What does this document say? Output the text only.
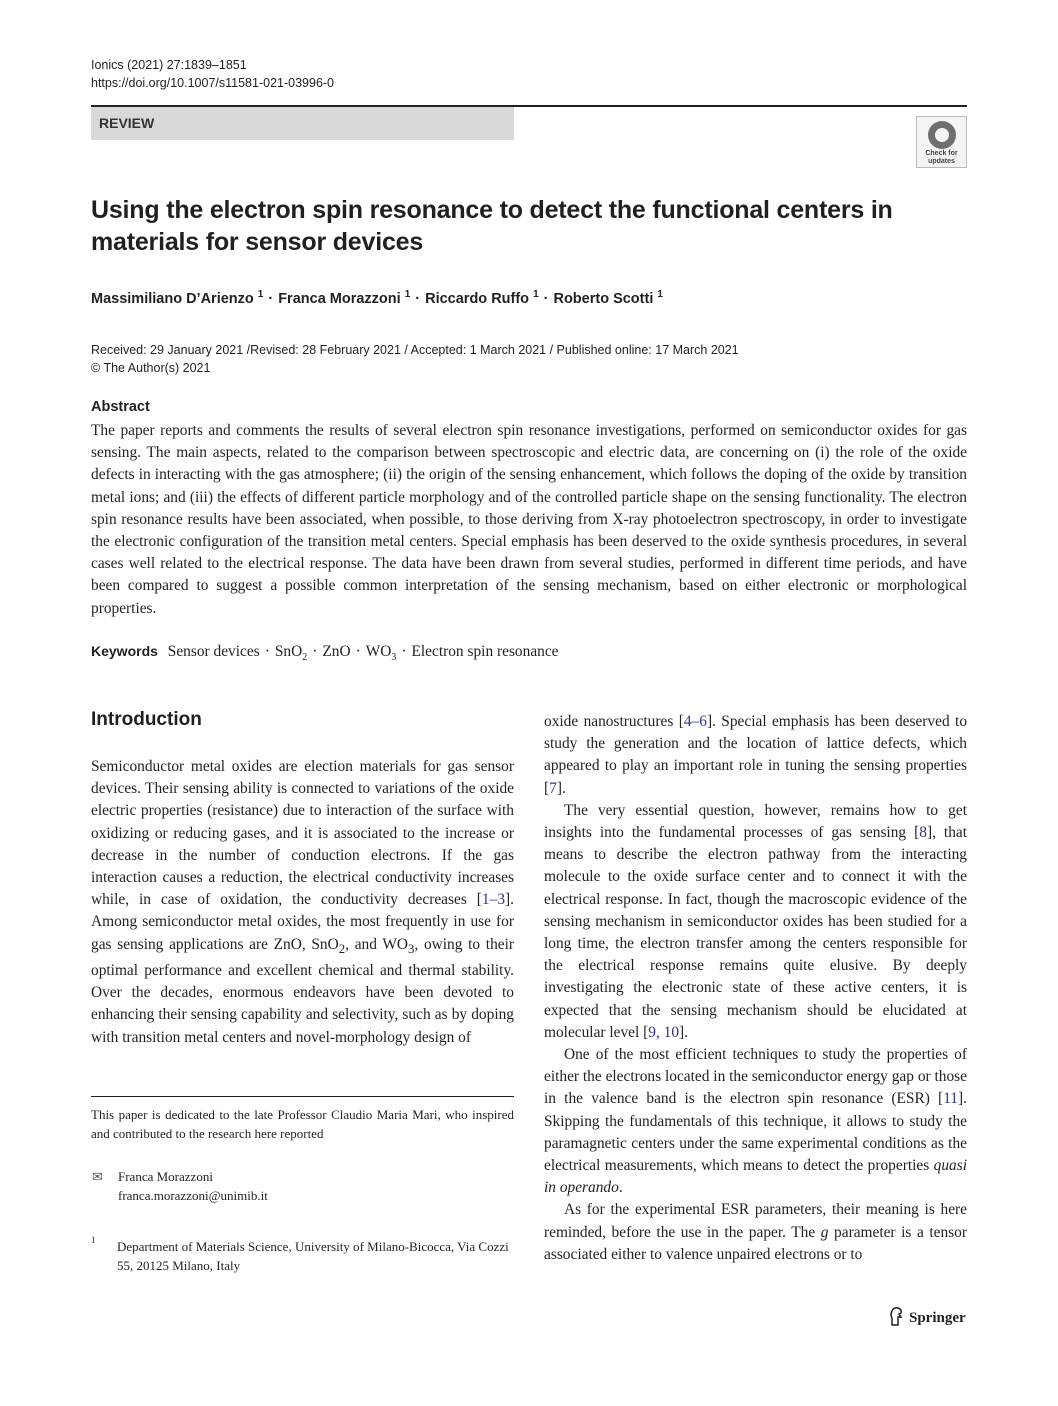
Ionics (2021) 27:1839–1851
https://doi.org/10.1007/s11581-021-03996-0
REVIEW
Check for updates
Using the electron spin resonance to detect the functional centers in materials for sensor devices
Massimiliano D’Arienzo $^1$ · Franca Morazzoni $^1$ · Riccardo Ruffo $^1$ · Roberto Scotti $^1$
Received: 29 January 2021 /Revised: 28 February 2021 / Accepted: 1 March 2021 / Published online: 17 March 2021
© The Author(s) 2021
Abstract

The paper reports and comments the results of several electron spin resonance investigations, performed on semiconductor oxides for gas sensing. The main aspects, related to the comparison between spectroscopic and electric data, are concerning on (i) the role of the oxide defects in interacting with the gas atmosphere; (ii) the origin of the sensing enhancement, which follows the doping of the oxide by transition metal ions; and (iii) the effects of different particle morphology and of the controlled particle shape on the sensing functionality. The electron spin resonance results have been associated, when possible, to those deriving from X-ray photoelectron spectroscopy, in order to investigate the electronic configuration of the transition metal centers. Special emphasis has been deserved to the oxide synthesis procedures, in several cases well related to the electrical response. The data have been drawn from several studies, performed in different time periods, and have been compared to suggest a possible common interpretation of the sensing mechanism, based on either electronic or morphological properties.

Keywords Sensor devices · SnO$_2$ · ZnO · $WO_3$ · Electron spin resonance
Introduction

Semiconductor metal oxides are election materials for gas sensor devices. Their sensing ability is connected to variations of the oxide electric properties (resistance) due to interaction of the surface with oxidizing or reducing gases, and it is associated to the increase or decrease in the number of conduction electrons. If the gas interaction causes a reduction, the electrical conductivity increases while, in case of oxidation, the conductivity decreases [1–3]. Among semiconductor metal oxides, the most frequently in use for gas sensing applications are ZnO, SnO$_2$, and $WO_3$, owing to their optimal performance and excellent chemical and thermal stability. Over the decades, enormous endeavors have been devoted to enhancing their sensing capability and selectivity, such as by doping with transition metal centers and novel-morphology design of

oxide nanostructures [4–6]. Special emphasis has been deserved to study the generation and the location of lattice defects, which appeared to play an important role in tuning the sensing properties [7].

The very essential question, however, remains how to get insights into the fundamental processes of gas sensing [8], that means to describe the electron pathway from the interacting molecule to the oxide surface center and to connect it with the electrical response. In fact, though the macroscopic evidence of the sensing mechanism in semiconductor oxides has been studied for a long time, the electron transfer among the centers responsible for the electrical response remains quite elusive. By deeply investigating the electronic state of these active centers, it is expected that the sensing mechanism should be elucidated at molecular level [9, 10].

One of the most efficient techniques to study the properties of either the electrons located in the semiconductor energy gap or those in the valence band is the electron spin resonance (ESR) [11]. Skipping the fundamentals of this technique, it allows to study the paramagnetic centers under the same experimental conditions as the electrical measurements, which means to detect the properties quasi in operando.

As for the experimental ESR parameters, their meaning is here reminded, before the use in the paper. The g parameter is a tensor associated either to valence unpaired electrons or to

This paper is dedicated to the late Professor Claudio Maria Mari, who inspired and contributed to the research here reported
✉ Franca Morazzoni
franca.morazzoni@unimib.it
1 Department of Materials Science, University of Milano-Bicocca, Via Cozzi 55, 20125 Milano, Italy
Springer
